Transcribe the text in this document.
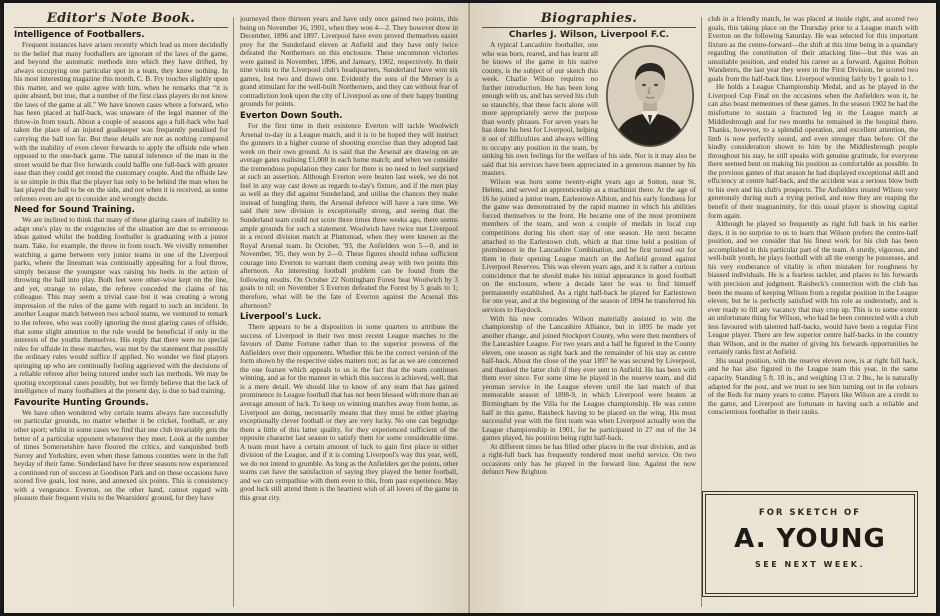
Editor's Note Book.
Intelligence of Footballers.

Frequent instances have arisen recently which lead us more decidedly to the belief that many footballers are ignorant of the laws of the game, and beyond the automatic methods into which they have drifted, by always occupying one particular spot in a team, they know nothing. In his most interesting magazine this month, C. B. Fry touches slightly upon this matter, and we quite agree with him, when he remarks that “it is quite absurd, but true, that a number of the first class players do not know the laws of the game at all.” We have known cases where a forward, who has been placed at half-back, was unaware of the legal manner of the throw-in from touch. About a couple of seasons ago a full-back who had taken the place of an injured goalkeeper was frequently penalised for carrying the ball too far. But these details are not as nothing compared with the inability of even clever forwards to apply the offside rule when opposed to the one-back game. The natural inference of the man in the street would be that five forwards could baffle one full-back with greater ease than they could get round the customary couple. And the offside law is so simple in this that the player has only to be behind the man when he last played the ball to be on the side, and not when it is received, as some referees even are apt to consider and wrongly decide.

Need for Sound Training.

We are inclined to think that many of these glaring cases of inability to adapt one's play to the exigencies of the situation are due to erroneous ideas gained whilst the budding footballer is graduating with a junior team. Take, for example, the throw in from touch. We vividly remember watching a game between very junior teams in one of the Liverpool parks, where the linesman was continually appealing for a foul throw, simply because the youngster was raising his heels in the action of throwing the ball into play. Both feet were other-wise kept on the line, and yet, strange to relate, the referee conceded the claims of his colleague. This may seem a trivial case but it was creating a wrong impression of the rules of the game with regard to such an incident. In another League match between two school teams, we ventured to remark to the referee, who was coolly ignoring the most glaring cases of offside, that some slight attention to the rule would be beneficial if only in the interests of the youths themselves. His reply that there were no special rules for offside in these matches, was met by the statement that possibly the ordinary rules would suffice if applied. No wonder we find players springing up who are continually fooling aggrieved with the decisions of a reliable referee after being tutored under such lax methods. We may be quoting exceptional cases possibly, but we firmly believe that the lack of intelligence of many footballers at the present day, is due to bad training.

Favourite Hunting Grounds.

We have often wondered why certain teams always fare successfully on particular grounds, no matter whether it be cricket, football, or any other sport; whilst in some cases we find that one club invariably gets the better of a particular opponent whenever they meet. Look at the number of times Somersetshire have floored the critics, and vanquished both Surrey and Yorkshire, even when these famous counties were in the full heyday of their fame. Sunderland have for three seasons now experienced a continued run of success at Goodison Park and on these occasions have scored five goals, lost none, and annexed six points. This is consistency with a vengeance. Everton, on the other hand, cannot regard with pleasure their frequent visits to the Wearsiders' ground, for they have

journeyed there thirteen years and have only once gained two points, this being on November 16, 1901, when they won 4—2. They however drew in December, 1896 and 1897. Liverpool have even proved themselves easier prey for the Sunderland eleven at Anfield and they have only twice defeated the Northerners on this enclosure. These uncommon victories were gained in November, 1896, and January, 1902, respectively. In their nine visits to the Liverpool club's headquarters, Sunderland have won six games, lost two and drawn one. Evidently the sons of the Mersey is a grand stimulant for the well-built Northerners, and they can without fear of contradiction look upon the city of Liverpool as one of their happy hunting grounds for points.

Everton Down South.

For the first time in their existence Everton will tackle Woolwich Arsenal to-day in a League match, and it is to be hoped they will instruct the gunners in a higher course of shooting exercise than they adopted last week on their own ground. At is said that the Arsenal are drawing on an average gates realising £1,000 in each home match; and when we consider the tremendous population they cater for there is no need to feel surprised at such an assertion. Although Everton were beaten last week, we do not feel in any way cast down as regards to-day's fixture, and if the men play as well as they did against Sunderland, and utilise the chances they make instead of bungling them, the Arsenal defence will have a rare time. We said their new division is exceptionally strong, and seeing that the Sunderland team could not score three times three weeks ago, there seems ample grounds for such a statement. Woolwich have twice met Liverpool in a record division match at Plumstead, when they were known as the Royal Arsenal team. In October, '93, the Anfielders won 5—0, and in November, '95, they won by 2—0. These figures should infuse sufficient courage into Everton to warrant them coming away with two points this afternoon. An interesting football problem can be found from the following results. On October 22 Nottingham Forest beat Woolwich by 3 goals to nil; on November 5 Everton defeated the Forest by 5 goals to 1; therefore, what will be the fate of Everton against the Arsenal this afternoon?

Liverpool's Luck.

There appears to be a disposition in some quarters to attribute the success of Liverpool in their two most recent League matches to the favours of Dame Fortune rather than to the superior prowess of the Anfielders over their opponents. Whether this be the correct version of the form shown by the respective sides matters not; as far as we are concerned the one feature which appeals to us is the fact that the team continues winning, and as for the manner in which this success is achieved, well, that is a mere detail. We should like to know of any team that has gained prominence in League football that has not been blessed with more than an average amount of luck. To keep on winning matches away from home, as Liverpool are doing, necessarily means that they must be either playing exceptionally clever football or they are very lucky. No one can begrudge them a little of this latter quality, for they experienced sufficient of the opposite character last season to satisfy them for some considerable time. A team must have a certain amount of luck to gain first place in either division of the League, and if it is coming Liverpool's way this year, well, we do not intend to grumble. As long as the Anfielders get the points, other teams can have the satisfaction of saying they played the better football, and we can sympathise with them even to this, from past experience. May good luck still attend them is the heartiest wish of all lovers of the game in this great city.

Biographies.
Charles J. Wilson, Liverpool F.C.

A typical Lancashire footballer, one who was born, reared, and has learnt all he knows of the game in his native county, is the subject of our sketch this week. Charlie Wilson requires no further introduction. He has been long enough with us, and has served his club so staunchly, that these facts alone will more appropriately serve the purpose than wordy phrases. For seven years he has done his best for Liverpool, helping it out of difficulties and always willing to occupy any position in the team, by sinking his own feelings for the welfare of his side. Nor is it may also be said that his services have been appreciated in a generous manner by his masters.

Wilson was born some twenty-eight years ago at Sutton, near St. Helens, and served an apprenticeship as a machinist there. At the age of 16 he joined a junior team, Earlestown Albion, and his early fondness for the game was demonstrated by the rapid manner in which his abilities forced themselves to the front. He became one of the most prominent members of the team, and won a couple of medals in local cup competitions during his short stay of one season. He next became attached to the Earlestown club, which at that time held a position of prominence in the Lancashire Combination, and he first turned out for them in their opening League match on the Anfield ground against Liverpool Reserves. This was eleven years ago, and it is rather a curious coincidence that he should make his initial appearance in good football on the enclosure, where a decade later he was to find himself permanently established. As a right half-back he played for Earlestown for one year, and at the beginning of the season of 1894 he transferred his services to Haydock.

With his new comrades Wilson materially assisted to win the championship of the Lancashire Alliance, but in 1895 he made yet another change, and joined Stockport County, who were then members of the Lancashire League. For two years and a half he figured in the County eleven, one season as right back and the remainder of his stay as centre half-back. About the close of the year 1897 he was secured by Liverpool, and thanked the latter club if they ever sent to Anfield. He has been with them ever since. For some time he played in the reserve team, and did yeoman service in the League eleven until the last match of that memorable season of 1898-9, in which Liverpool were beaten at Birmingham by the Villa for the League championship. He was centre half in this game, Raisbeck having to be placed on the wing. His most successful year with the first team was when Liverpool actually won the League championship in 1901, for he participated in 27 out of the 34 games played, his position being right half-back.

At different times he has filled other places in the rear division, and as a right-full back has frequently rendered most useful service. On two occasions only has he played in the forward line. Against the now defunct New Brighton

club in a friendly match, he was placed at inside right, and scored two goals, this taking place on the Thursday prior to a League match with Everton on the following Saturday. He was selected for this important fixture as the centre-forward—the shift at this time being in a quandary regarding the constitution of their attacking line—but this was an unsuitable position, and ended his career as a forward. Against Bolton Wanderers, the last year they were in the First Division, he scored two goals from the half-back line. Liverpool winning fairly by 1 goals to 1.

He holds a League Championship Medal, and as he played in the Liverpool Cup Final on the occasions when the Anfielders won it, he can also boast mementoes of these games. In the season 1902 he had the misfortune to sustain a fractured leg in the League match at Middlesbrough and for two months he remained in the hospital there. Thanks, however, to a splendid operation, and excellent attention, the limb is now perfectly sound, and even stronger than before. Of the kindly consideration shown to him by the Middlesbrough people throughout his stay, he still speaks with genuine gratitude, for everyone there seemed bent on making his position as comfortable as possible. In the previous games of that season he had displayed exceptional skill and efficiency at centre half-back, and the accident was a serious blow both to his own and his club's prospects. The Anfielders treated Wilson very generously during such a trying period, and now they are reaping the benefit of their magnanimity, for this usual player is showing capital form again.

Although he played so frequently as right full back in his earlier days, it is no surprise to us to learn that Wilson prefers the centre-half position, and we consider that his finest work for his club has been accomplished in this particular part of the team. A sturdy, vigorous, and well-built youth, he plays football with all the energy he possesses, and his very exuberance of vitality is often mistaken for roughness by biassed individuals. He is a fearless tackler, and places to his forwards with precision and judgment. Raisbeck's connection with the club has been the means of keeping Wilson from a regular position in the League eleven; but he is perfectly satisfied with his role as understudy, and is ever ready to fill any vacancy that may crop up. This is to some extent an unfortunate thing for Wilson, who had he been connected with a club less favoured with talented half-backs, would have been a regular First League player. There are few superior centre half-backs in the country than Wilson, and in the matter of giving his forwards opportunities he certainly ranks first at Anfield.

His usual position, with the reserve eleven now, is at right full back, and he has also figured in the League team this year, in the same capacity. Standing 5 ft. 10 in., and weighing 13 st. 2 lbs., he is naturally adapted for the post, and we trust to see him turning out in the colours of the Reds for many years to come. Players like Wilson are a credit to the game, and Liverpool are fortunate in having such a reliable and conscientious footballer in their ranks.

FOR SKETCH OF
A. YOUNG
SEE NEXT WEEK.
